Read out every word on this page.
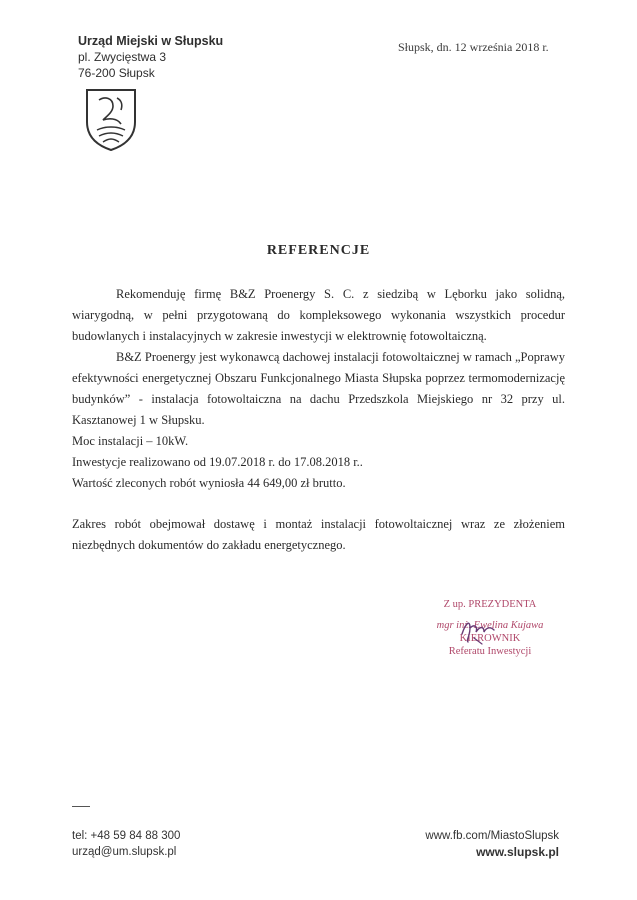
Urząd Miejski w Słupsku
pl. Zwycięstwa 3
76-200 Słupsk
Słupsk, dn. 12 września 2018 r.
REFERENCJE

Rekomenduję firmę B&Z Proenergy S. C. z siedzibą w Lęborku jako solidną, wiarygodną, w pełni przygotowaną do kompleksowego wykonania wszystkich procedur budowlanych i instalacyjnych w zakresie inwestycji w elektrownię fotowoltaiczną.

B&Z Proenergy jest wykonawcą dachowej instalacji fotowoltaicznej w ramach „Poprawy efektywności energetycznej Obszaru Funkcjonalnego Miasta Słupska poprzez termomodernizację budynków” - instalacja fotowoltaiczna na dachu Przedszkola Miejskiego nr 32 przy ul. Kasztanowej 1 w Słupsku.

Moc instalacji – 10kW.

Inwestycje realizowano od 19.07.2018 r. do 17.08.2018 r..

Wartość zleconych robót wyniosła 44 649,00 zł brutto.

Zakres robót obejmował dostawę i montaż instalacji fotowoltaicznej wraz ze złożeniem niezbędnych dokumentów do zakładu energetycznego.

Z up. PREZYDENTA
mgr inż. Ewelina Kujawa
KIEROWNIK
Referatu Inwestycji
tel: +48 59 84 88 300
urząd@um.slupsk.pl
www.fb.com/MiastoSlupsk
www.slupsk.pl
